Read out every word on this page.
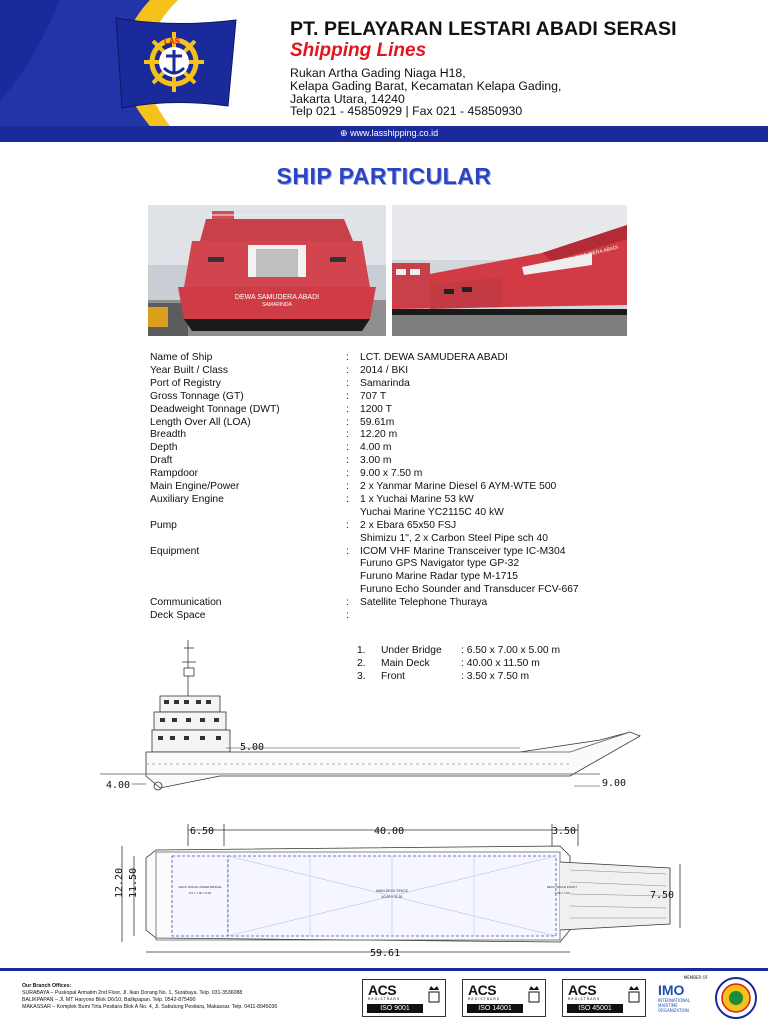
LAS
PT. PELAYARAN LESTARI ABADI SERASI
Shipping Lines
Rukan Artha Gading Niaga H18,
Kelapa Gading Barat, Kecamatan Kelapa Gading,
Jakarta Utara, 14240
Telp 021 - 45850929 | Fax 021 - 45850930
⊕ www.lasshipping.co.id
SHIP PARTICULAR
DEWA SAMUDERA ABADI
SAMARINDA
ABADI
Name of Ship	: LCT. DEWA SAMUDERA ABADI
Year Built / Class	: 2014 / BKI
Port of Registry	: Samarinda
Gross Tonnage (GT)	: 707 T
Deadweight Tonnage (DWT)	: 1200 T
Length Over All (LOA)	: 59.61m
Breadth	: 12.20 m
Depth	: 4.00 m
Draft	: 3.00 m
Rampdoor	: 9.00 x 7.50 m
Main Engine/Power	: 2 x Yanmar Marine Diesel 6 AYM-WTE 500
Auxiliary Engine	: 1 x Yuchai Marine 53 kW
Yuchai Marine YC2115C 40 kW
Pump	: 2 x Ebara 65x50 FSJ
Shimizu 1", 2 x Carbon Steel Pipe sch 40
Equipment	: ICOM VHF Marine Transceiver type IC-M304
Furuno GPS Navigator type GP-32
Furuno Marine Radar type M-1715
Furuno Echo Sounder and Transducer FCV-667
Communication	: Satellite Telephone Thuraya
Deck Space	:
1. Under Bridge : 6.50 x 7.00 x 5.00 m
2. Main Deck	: 40.00 x 11.50 m
3. Front	: 3.50 x 7.50 m
5.00
4.00	9.00
6.50	40.00	3.50
12.20 11.50	7.50
59.61
DECK SPACE UNDER BRIDGE
6.5 x 7.00 x 5.00	MAIN DECK SPACE
40.00 x 11.50
DECK SPACE FRONT
3.50 x 7.50
Our Branch Offices:
SURABAYA – Puskopal Armatim 2nd Floor, Jl. Ikan Dorang No. 1, Surabaya. Telp. 031-3536088
BALIKPAPAN – Jl. MT Haryono Blok D6/10, Balikpapan. Telp. 0542-875490
MAKASSAR – Komplek Bumi Tirta Pesitara Blok A No. 4, Jl. Sabutung Pesitara, Makassar. Telp. 0411-8945036
ACS
REGISTRARS
ISO 9001
ACS
REGISTRARS
ISO 14001
ACS
REGISTRARS
ISO 45001
MEMBER OF
IMO
INTERNATIONAL
MARITIME
ORGANIZATION
